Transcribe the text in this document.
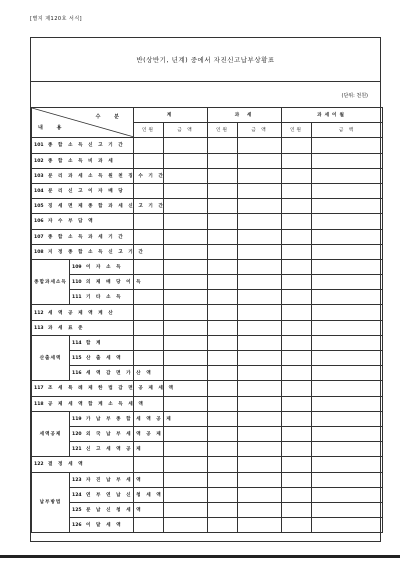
[별지 제120호 서식]
반(상반기, 년계) 중에서 자진신고납부상황표
(단위: 천원)
수 분
내 용		계		과 세		과세이월	
		인원	금 액	인원	금 액	인원	금 액
101 종 합 소 득 신 고 기 간							
102 종 합 소 득 비 과 세							
103 분 리 과 세 소 득 원 천 징 수 기 간							
104 분 리 신 고 이 자 배 당							
105 징 세 면 제 종 합 과 세 신 고 기 간							
106 자 수 부 담 액							
107 종 합 소 득 과 세 기 간							
108 지 정 종 합 소 득 신 고 기 간							
종합과세소득	109 이 자 소 득						
	110 의 제 배 당 이 득						
	111 기 타 소 득						
112 세 액 공 제 액 계 산							
113 과 세 표 준							
산출세액	114 합 계						
	115 산 출 세 액						
	116 세 액 감 면 가 산 액						
117 조 세 특 례 제 한 법 감 면 공 제 세 액							
118 공 제 세 액 합 계 소 득 세 액							
세액공제	119 가 납 부 종 합 세 액 공 제						
	120 외 국 납 부 세 액 공 제						
	121 신 고 세 액 공 제						
122 결 정 세 액							
납부방법	123 자 진 납 부 세 액						
	124 연 부 연 납 신 청 세 액						
	125 분 납 신 청 세 액						
	126 이 달 세 액						
